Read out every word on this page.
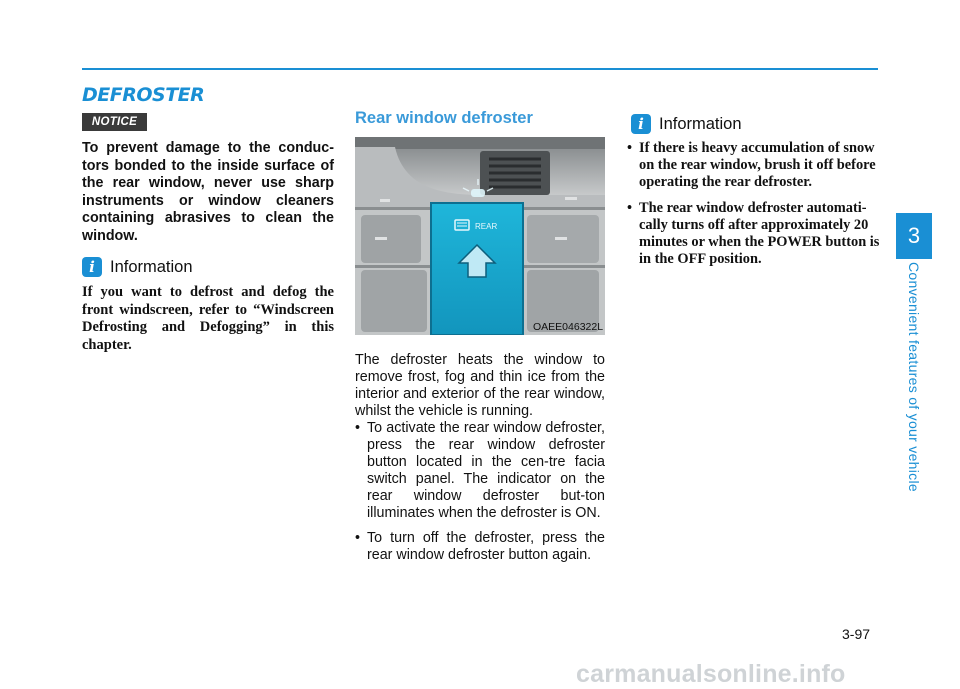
DEFROSTER
NOTICE

To prevent damage to the conduc-tors bonded to the inside surface of the rear window, never use sharp instruments or window cleaners containing abrasives to clean the window.

i Information

If you want to defrost and defog the front windscreen, refer to “Windscreen Defrosting and Defogging” in this chapter.

Rear window defroster
REAR
OAEE046322L

The defroster heats the window to remove frost, fog and thin ice from the interior and exterior of the rear window, whilst the vehicle is running.

• To activate the rear window defroster, press the rear window defroster button located in the cen-tre facia switch panel. The indicator on the rear window defroster but-ton illuminates when the defroster is ON.
• To turn off the defroster, press the rear window defroster button again.
i Information
• If there is heavy accumulation of snow on the rear window, brush it off before operating the rear defroster.
• The rear window defroster automati-cally turns off after approximately 20 minutes or when the POWER button is in the OFF position.
3
Convenient features of your vehicle
3-97
carmanualsonline.info
